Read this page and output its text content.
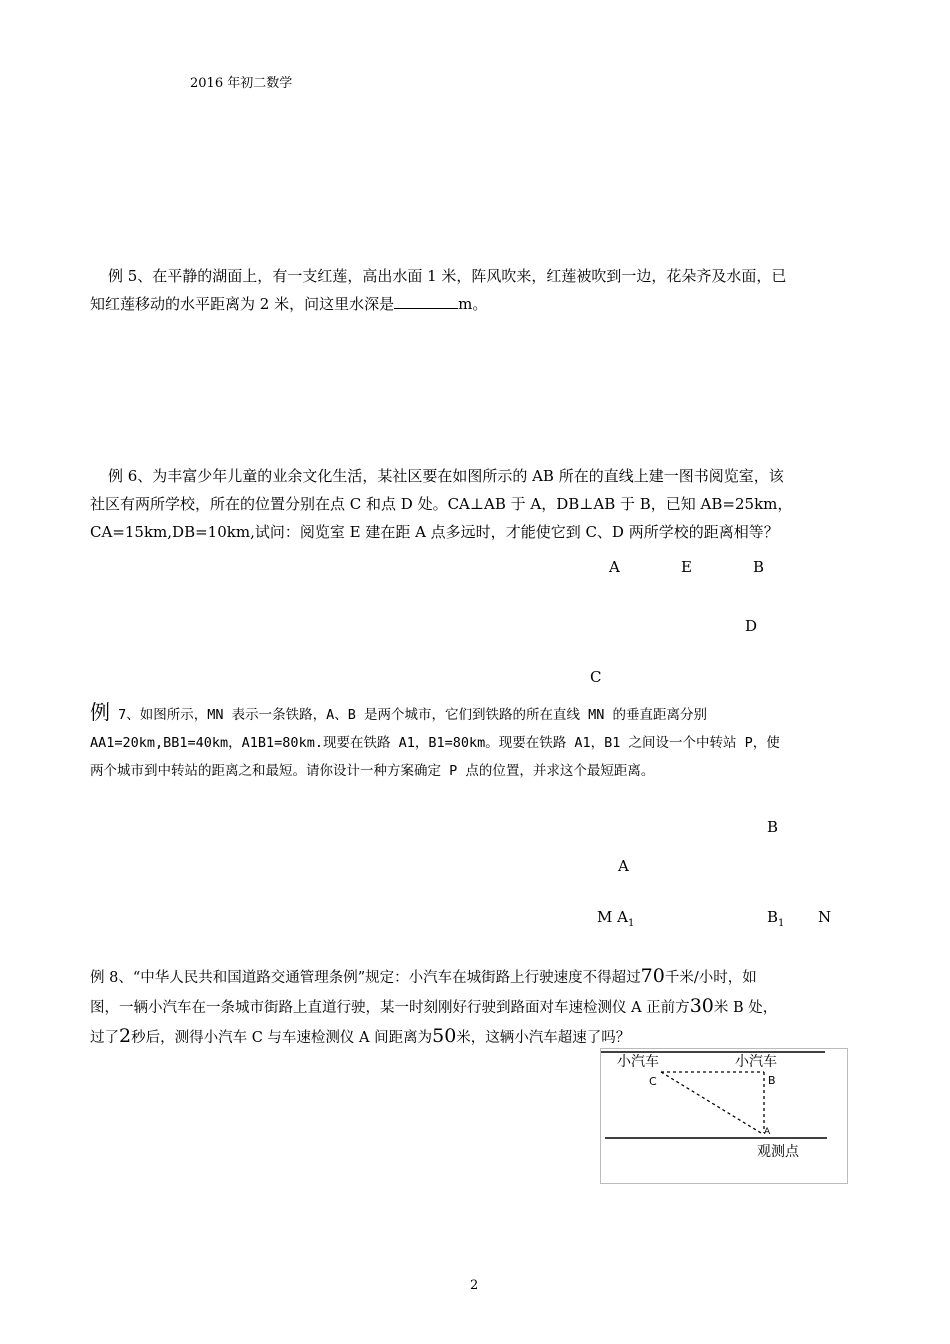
2016 年初二数学
例 5、在平静的湖面上，有一支红莲，高出水面 1 米，阵风吹来，红莲被吹到一边，花朵齐及水面，已
知红莲移动的水平距离为 2 米，问这里水深是	m。
例 6、为丰富少年儿童的业余文化生活，某社区要在如图所示的 AB 所在的直线上建一图书阅览室，该
社区有两所学校，所在的位置分别在点 C 和点 D 处。CA⊥AB 于 A，DB⊥AB 于 B，已知 AB=25km，
CA=15km,DB=10km,试问：阅览室 E 建在距 A 点多远时，才能使它到 C、D 两所学校的距离相等？
A	E	B
D
C
例 7、如图所示，MN 表示一条铁路，A、B 是两个城市，它们到铁路的所在直线 MN 的垂直距离分别
AA1=20km,BB1=40km，A1B1=80km.现要在铁路 A1，B1=80km。现要在铁路 A1，B1 之间设一个中转站 P，使
两个城市到中转站的距离之和最短。请你设计一种方案确定 P 点的位置，并求这个最短距离。
B
A
M $A_1$	$B_1$ N
例 8、“中华人民共和国道路交通管理条例”规定：小汽车在城街路上行驶速度不得超过70千米/小时，如
图，一辆小汽车在一条城市街路上直道行驶，某一时刻刚好行驶到路面对车速检测仪 A 正前方30米 B 处，
过了2秒后，测得小汽车 C 与车速检测仪 A 间距离为50米，这辆小汽车超速了吗？
小汽车	小汽车
C	B
A
观测点
2
